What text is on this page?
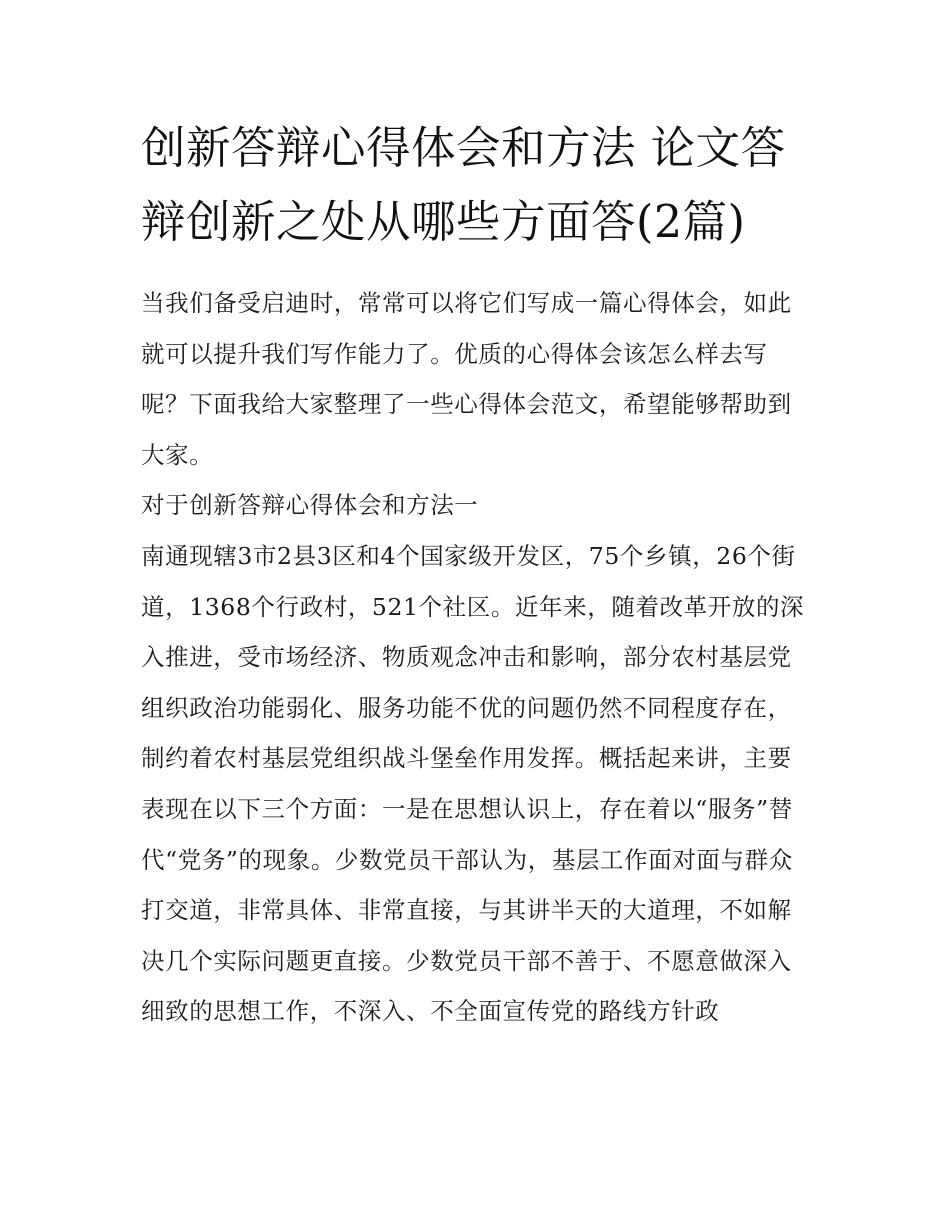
创新答辩心得体会和方法 论文答辩创新之处从哪些方面答(2篇)

当我们备受启迪时，常常可以将它们写成一篇心得体会，如此就可以提升我们写作能力了。优质的心得体会该怎么样去写呢？下面我给大家整理了一些心得体会范文，希望能够帮助到大家。

对于创新答辩心得体会和方法一

南通现辖3市2县3区和4个国家级开发区，75个乡镇，26个街道，1368个行政村，521个社区。近年来，随着改革开放的深入推进，受市场经济、物质观念冲击和影响，部分农村基层党组织政治功能弱化、服务功能不优的问题仍然不同程度存在，制约着农村基层党组织战斗堡垒作用发挥。概括起来讲，主要表现在以下三个方面：一是在思想认识上，存在着以“服务”替代“党务”的现象。少数党员干部认为，基层工作面对面与群众打交道，非常具体、非常直接，与其讲半天的大道理，不如解决几个实际问题更直接。少数党员干部不善于、不愿意做深入细致的思想工作，不深入、不全面宣传党的路线方针政
